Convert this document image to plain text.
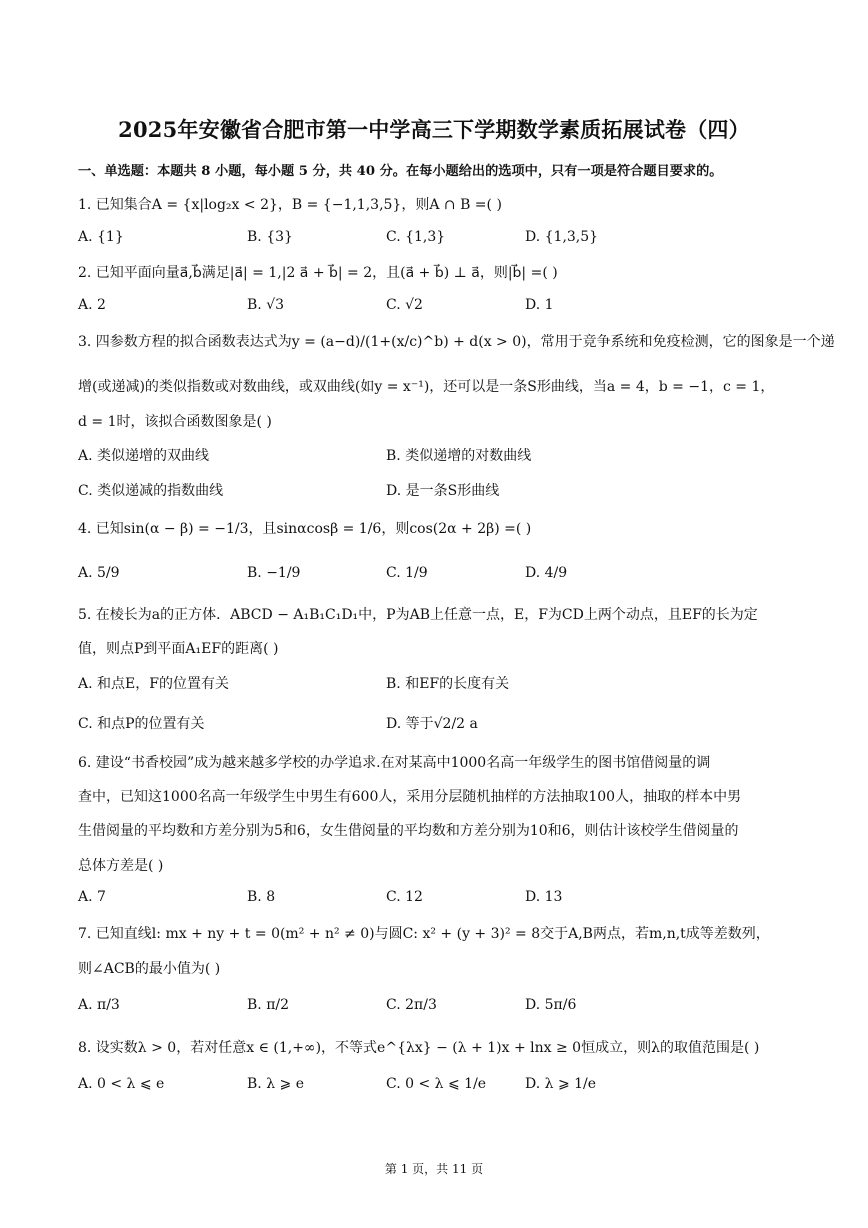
2025年安徽省合肥市第一中学高三下学期数学素质拓展试卷（四）
一、单选题：本题共 8 小题，每小题 5 分，共 40 分。在每小题给出的选项中，只有一项是符合题目要求的。
1. 已知集合A = {x|log₂x < 2}，B = {−1,1,3,5}，则A ∩ B =( )
A. {1}	B. {3}	C. {1,3}	D. {1,3,5}
2. 已知平面向量a⃗,b⃗满足|a⃗| = 1,|2 a⃗ + b⃗| = 2，且(a⃗ + b⃗) ⊥ a⃗，则|b⃗| =( )
A. 2	B. √3	C. √2	D. 1
3. 四参数方程的拟合函数表达式为y = (a−d)/(1+(x/c)^b) + d(x > 0)，常用于竞争系统和免疫检测，它的图象是一个递
增(或递减)的类似指数或对数曲线，或双曲线(如y = x⁻¹)，还可以是一条S形曲线，当a = 4，b = −1，c = 1，
d = 1时，该拟合函数图象是( )
A. 类似递增的双曲线	B. 类似递增的对数曲线
C. 类似递减的指数曲线	D. 是一条S形曲线
4. 已知sin(α − β) = −1/3，且sinαcosβ = 1/6，则cos(2α + 2β) =( )
A. 5/9	B. −1/9	C. 1/9	D. 4/9
5. 在棱长为a的正方体．ABCD − A₁B₁C₁D₁中，P为AB上任意一点，E，F为CD上两个动点，且EF的长为定
值，则点P到平面A₁EF的距离( )
A. 和点E，F的位置有关	B. 和EF的长度有关
C. 和点P的位置有关	D. 等于√2/2 a
6. 建设“书香校园”成为越来越多学校的办学追求.在对某高中1000名高一年级学生的图书馆借阅量的调
查中，已知这1000名高一年级学生中男生有600人，采用分层随机抽样的方法抽取100人，抽取的样本中男
生借阅量的平均数和方差分别为5和6，女生借阅量的平均数和方差分别为10和6，则估计该校学生借阅量的
总体方差是( )
A. 7	B. 8	C. 12	D. 13
7. 已知直线l: mx + ny + t = 0(m² + n² ≠ 0)与圆C: x² + (y + 3)² = 8交于A,B两点，若m,n,t成等差数列，
则∠ACB的最小值为( )
A. π/3	B. π/2	C. 2π/3	D. 5π/6
8. 设实数λ > 0，若对任意x ∈ (1,+∞)，不等式e^{λx} − (λ + 1)x + lnx ≥ 0恒成立，则λ的取值范围是( )
A. 0 < λ ⩽ e	B. λ ⩾ e	C. 0 < λ ⩽ 1/e	D. λ ⩾ 1/e
第 1 页，共 11 页
